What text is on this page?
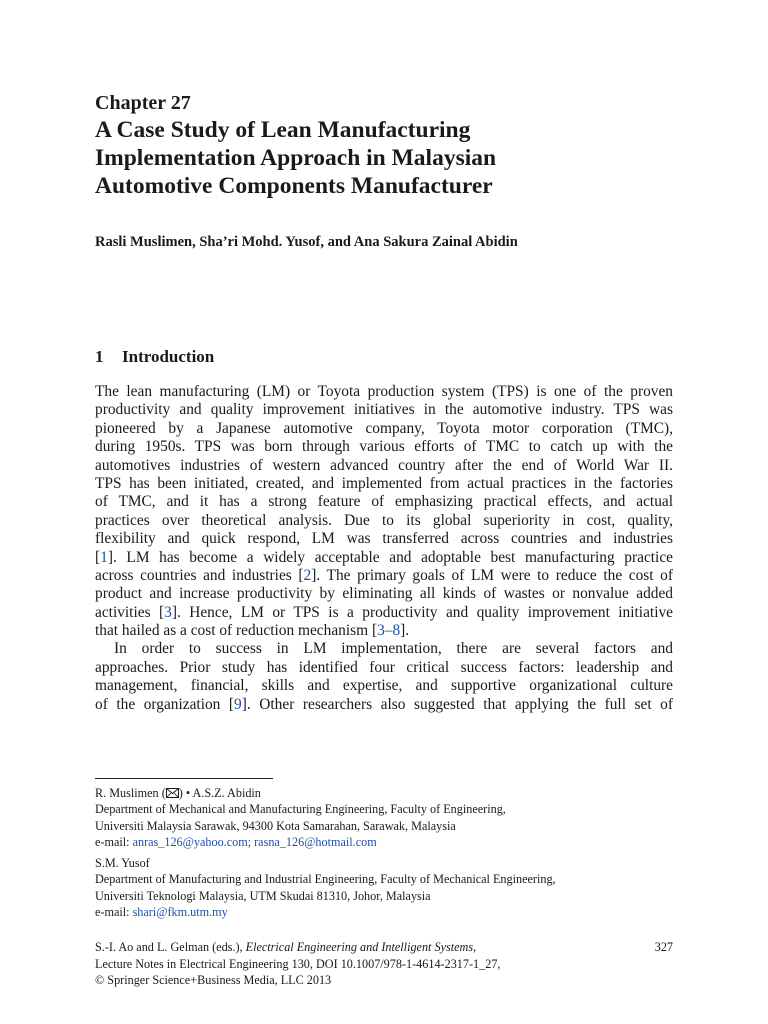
Chapter 27
A Case Study of Lean Manufacturing
Implementation Approach in Malaysian
Automotive Components Manufacturer
Rasli Muslimen, Sha’ri Mohd. Yusof, and Ana Sakura Zainal Abidin
1 Introduction
The lean manufacturing (LM) or Toyota production system (TPS) is one of the proven
productivity and quality improvement initiatives in the automotive industry. TPS was
pioneered by a Japanese automotive company, Toyota motor corporation (TMC),
during 1950s. TPS was born through various efforts of TMC to catch up with the
automotives industries of western advanced country after the end of World War II.
TPS has been initiated, created, and implemented from actual practices in the factories
of TMC, and it has a strong feature of emphasizing practical effects, and actual
practices over theoretical analysis. Due to its global superiority in cost, quality,
flexibility and quick respond, LM was transferred across countries and industries
[1]. LM has become a widely acceptable and adoptable best manufacturing practice
across countries and industries [2]. The primary goals of LM were to reduce the cost of
product and increase productivity by eliminating all kinds of wastes or nonvalue added
activities [3]. Hence, LM or TPS is a productivity and quality improvement initiative
that hailed as a cost of reduction mechanism [3–8].
In order to success in LM implementation, there are several factors and
approaches. Prior study has identified four critical success factors: leadership and
management, financial, skills and expertise, and supportive organizational culture
of the organization [9]. Other researchers also suggested that applying the full set of
R. Muslimen ( ) • A.S.Z. Abidin
Department of Mechanical and Manufacturing Engineering, Faculty of Engineering,
Universiti Malaysia Sarawak, 94300 Kota Samarahan, Sarawak, Malaysia
e-mail: anras_126@yahoo.com; rasna_126@hotmail.com
S.M. Yusof
Department of Manufacturing and Industrial Engineering, Faculty of Mechanical Engineering,
Universiti Teknologi Malaysia, UTM Skudai 81310, Johor, Malaysia
e-mail: shari@fkm.utm.my
S.-I. Ao and L. Gelman (eds.), Electrical Engineering and Intelligent Systems,
Lecture Notes in Electrical Engineering 130, DOI 10.1007/978-1-4614-2317-1_27,
© Springer Science+Business Media, LLC 2013
327
